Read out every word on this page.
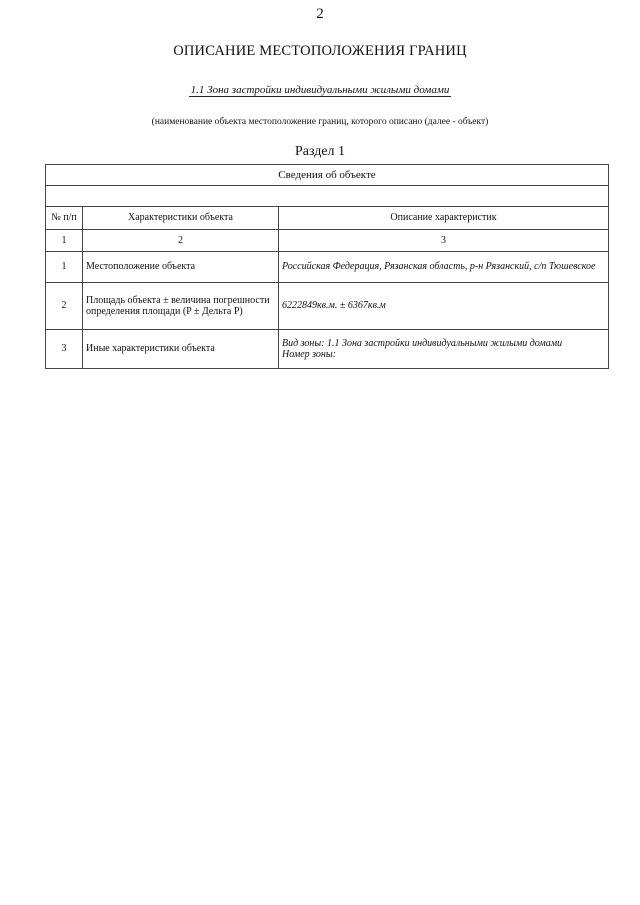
2
ОПИСАНИЕ МЕСТОПОЛОЖЕНИЯ ГРАНИЦ
1.1 Зона застройки индивидуальными жилыми домами
(наименование объекта местоположение границ, которого описано (далее - объект)
Раздел 1
Сведения об объекте		

№ п/п	Характеристики объекта	Описание характеристик
1	2	3
1	Местоположение объекта	Российская Федерация, Рязанская область, р-н Рязанский, с/п Тюшевское

2	Площадь объекта ± величина погрешности определения площади (P ± Дельта P)	6222849кв.м. ± 6367кв.м

3	Иные характеристики объекта	Вид зоны: 1.1 Зона застройки индивидуальными жилыми домами
Номер зоны:
